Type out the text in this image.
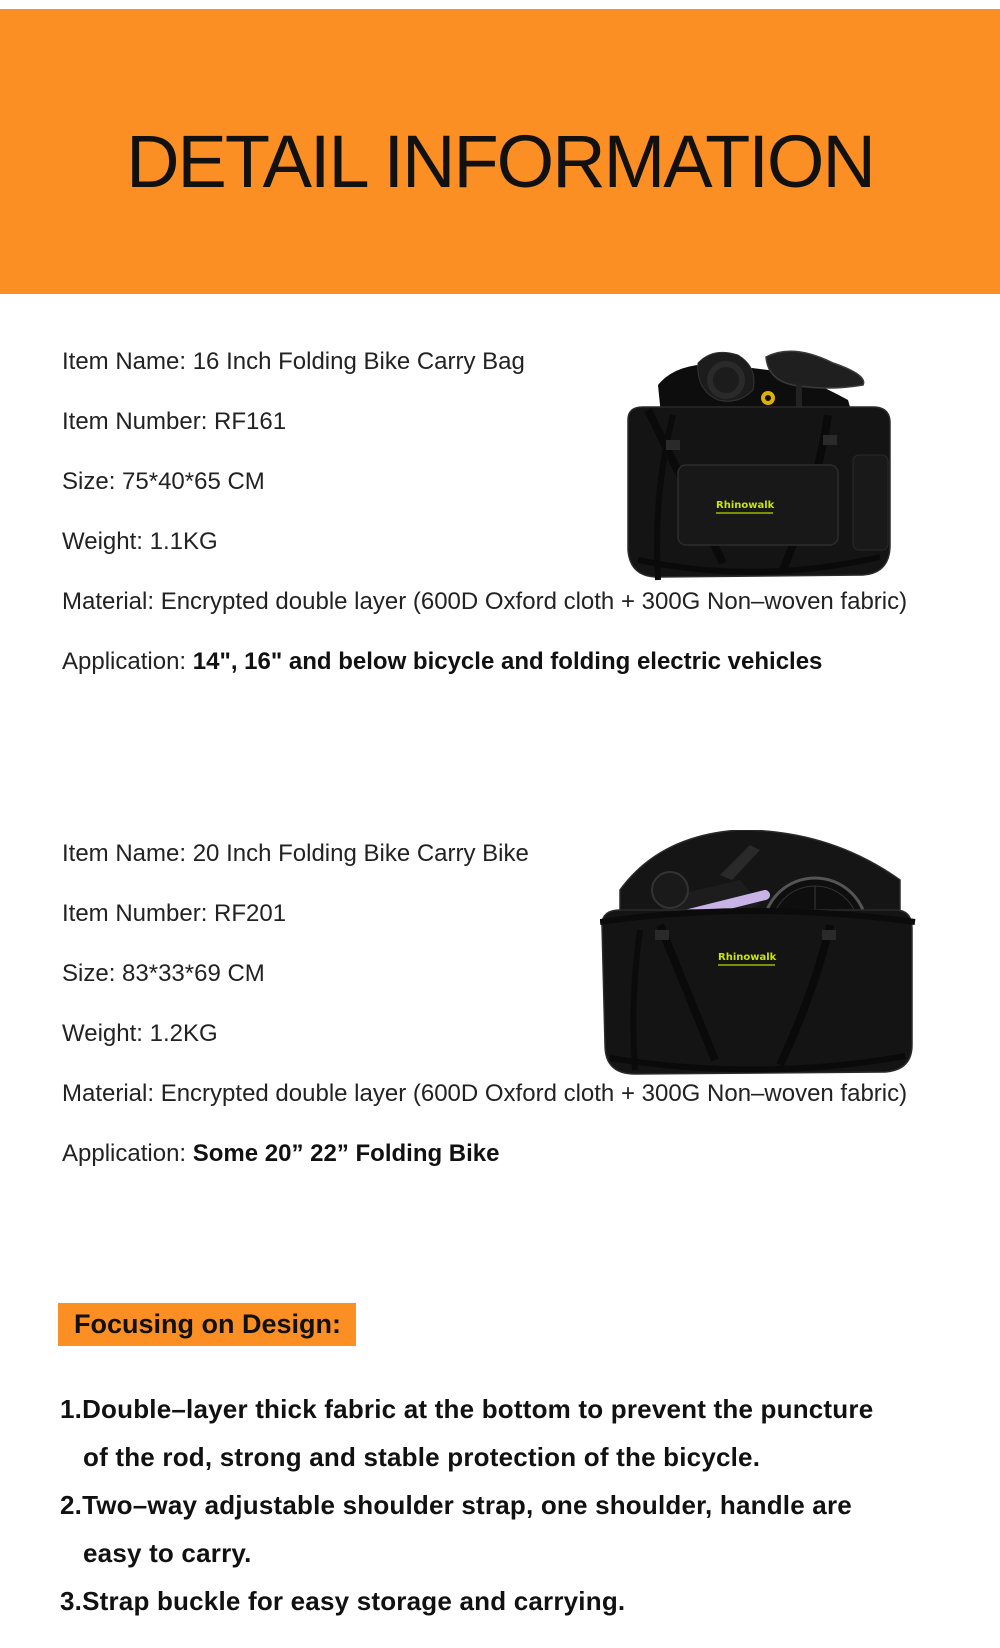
DETAIL INFORMATION
Item Name: 16 Inch Folding Bike Carry Bag
Item Number: RF161
Size: 75*40*65 CM
Weight: 1.1KG
Material: Encrypted double layer (600D Oxford cloth + 300G Non–woven fabric)
Application: 14", 16" and below bicycle and folding electric vehicles
Rhinowalk
Item Name: 20 Inch Folding Bike Carry Bike
Item Number: RF201
Size: 83*33*69 CM
Weight: 1.2KG
Material: Encrypted double layer (600D Oxford cloth + 300G Non–woven fabric)
Application: Some 20” 22” Folding Bike
Rhinowalk
Focusing on Design:
1.Double–layer thick fabric at the bottom to prevent the puncture
of the rod, strong and stable protection of the bicycle.
2.Two–way adjustable shoulder strap, one shoulder, handle are
easy to carry.
3.Strap buckle for easy storage and carrying.
